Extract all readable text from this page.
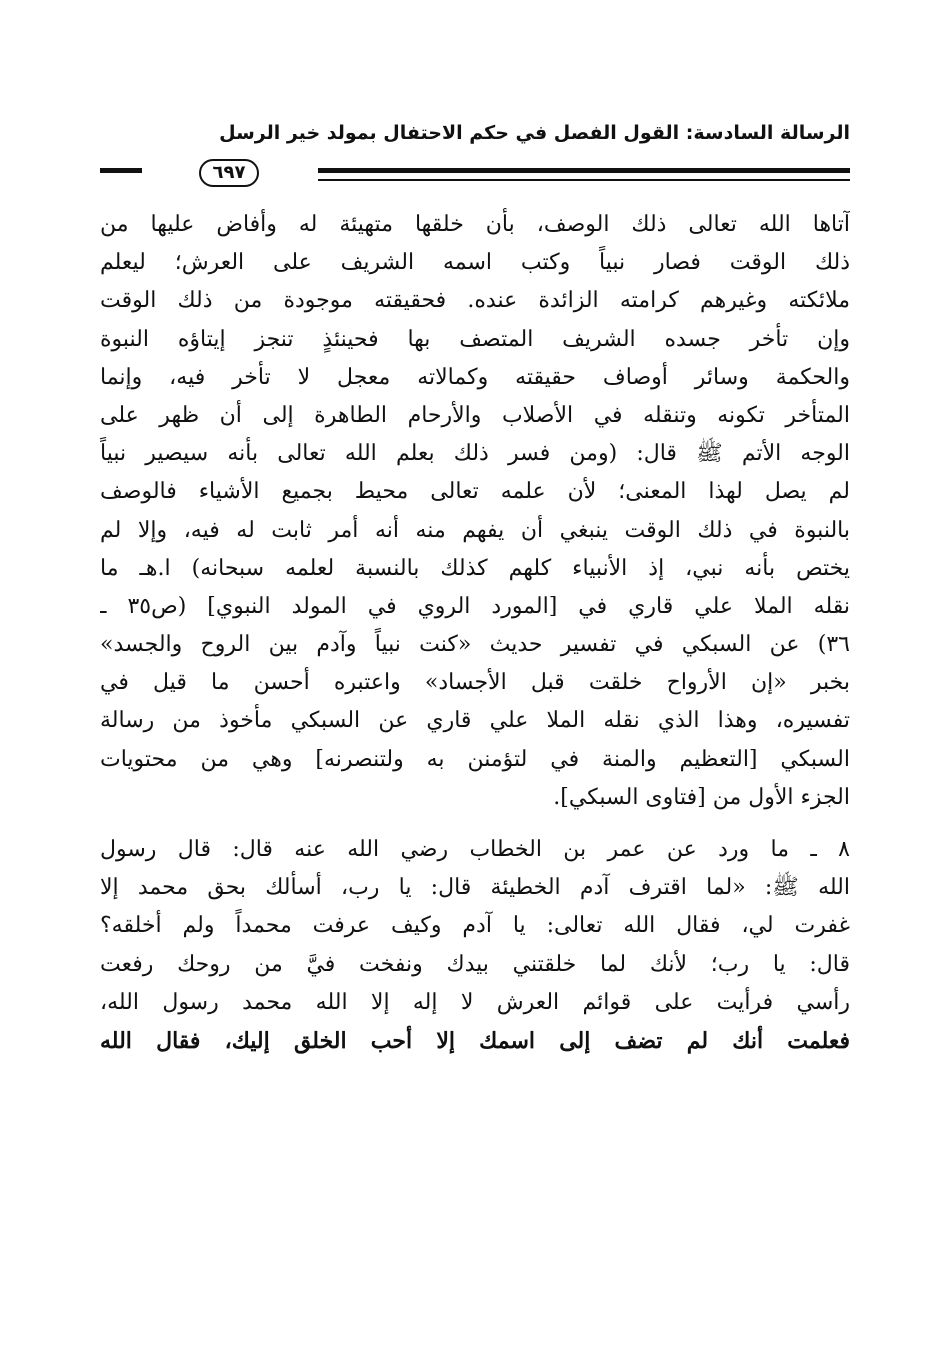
الرسالة السادسة: القول الفصل في حكم الاحتفال بمولد خير الرسل
٦٩٧
آتاها الله تعالى ذلك الوصف، بأن خلقها متهيئة له وأفاض عليها من
ذلك الوقت فصار نبياً وكتب اسمه الشريف على العرش؛ ليعلم
ملائكته وغيرهم كرامته الزائدة عنده. فحقيقته موجودة من ذلك الوقت
وإن تأخر جسده الشريف المتصف بها فحينئذٍ تنجز إيتاؤه النبوة
والحكمة وسائر أوصاف حقيقته وكمالاته معجل لا تأخر فيه، وإنما
المتأخر تكونه وتنقله في الأصلاب والأرحام الطاهرة إلى أن ظهر على
الوجه الأتم ﷺ قال: (ومن فسر ذلك بعلم الله تعالى بأنه سيصير نبياً
لم يصل لهذا المعنى؛ لأن علمه تعالى محيط بجميع الأشياء فالوصف
بالنبوة في ذلك الوقت ينبغي أن يفهم منه أنه أمر ثابت له فيه، وإلا لم
يختص بأنه نبي، إذ الأنبياء كلهم كذلك بالنسبة لعلمه سبحانه) ا.هـ ما
نقله الملا علي قاري في [المورد الروي في المولد النبوي] (ص٣٥ ـ
٣٦) عن السبكي في تفسير حديث «كنت نبياً وآدم بين الروح والجسد»
بخبر «إن الأرواح خلقت قبل الأجساد» واعتبره أحسن ما قيل في
تفسيره، وهذا الذي نقله الملا علي قاري عن السبكي مأخوذ من رسالة
السبكي [التعظيم والمنة في لتؤمنن به ولتنصرنه] وهي من محتويات
الجزء الأول من [فتاوى السبكي].
٨ ـ ما ورد عن عمر بن الخطاب رضي الله عنه قال: قال رسول
الله ﷺ: «لما اقترف آدم الخطيئة قال: يا رب، أسألك بحق محمد إلا
غفرت لي، فقال الله تعالى: يا آدم وكيف عرفت محمداً ولم أخلقه؟
قال: يا رب؛ لأنك لما خلقتني بيدك ونفخت فيَّ من روحك رفعت
رأسي فرأيت على قوائم العرش لا إله إلا الله محمد رسول الله،
فعلمت أنك لم تضف إلى اسمك إلا أحب الخلق إليك، فقال الله
